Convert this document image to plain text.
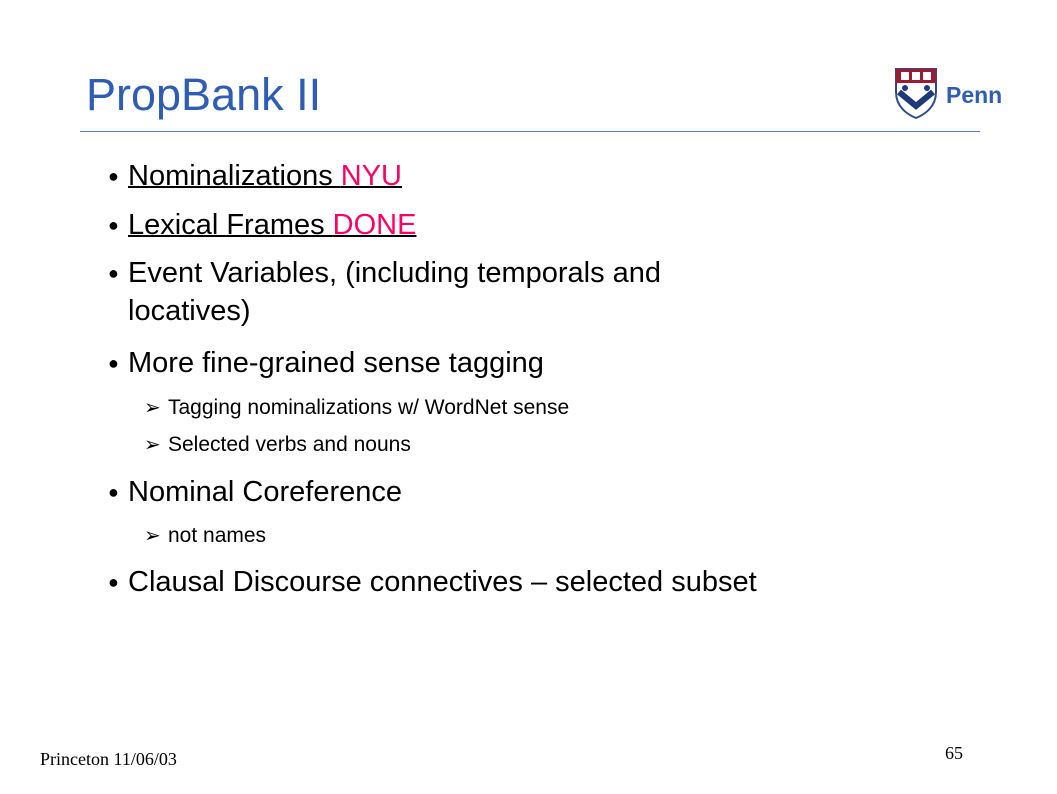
PropBank II	Penn
● Nominalizations NYU
● Lexical Frames DONE
● Event Variables, (including temporals and
locatives)
● More fine-grained sense tagging
➢ Tagging nominalizations w/ WordNet sense
➢ Selected verbs and nouns
● Nominal Coreference
➢ not names
● Clausal Discourse connectives – selected subset
Princeton 11/06/03	65
